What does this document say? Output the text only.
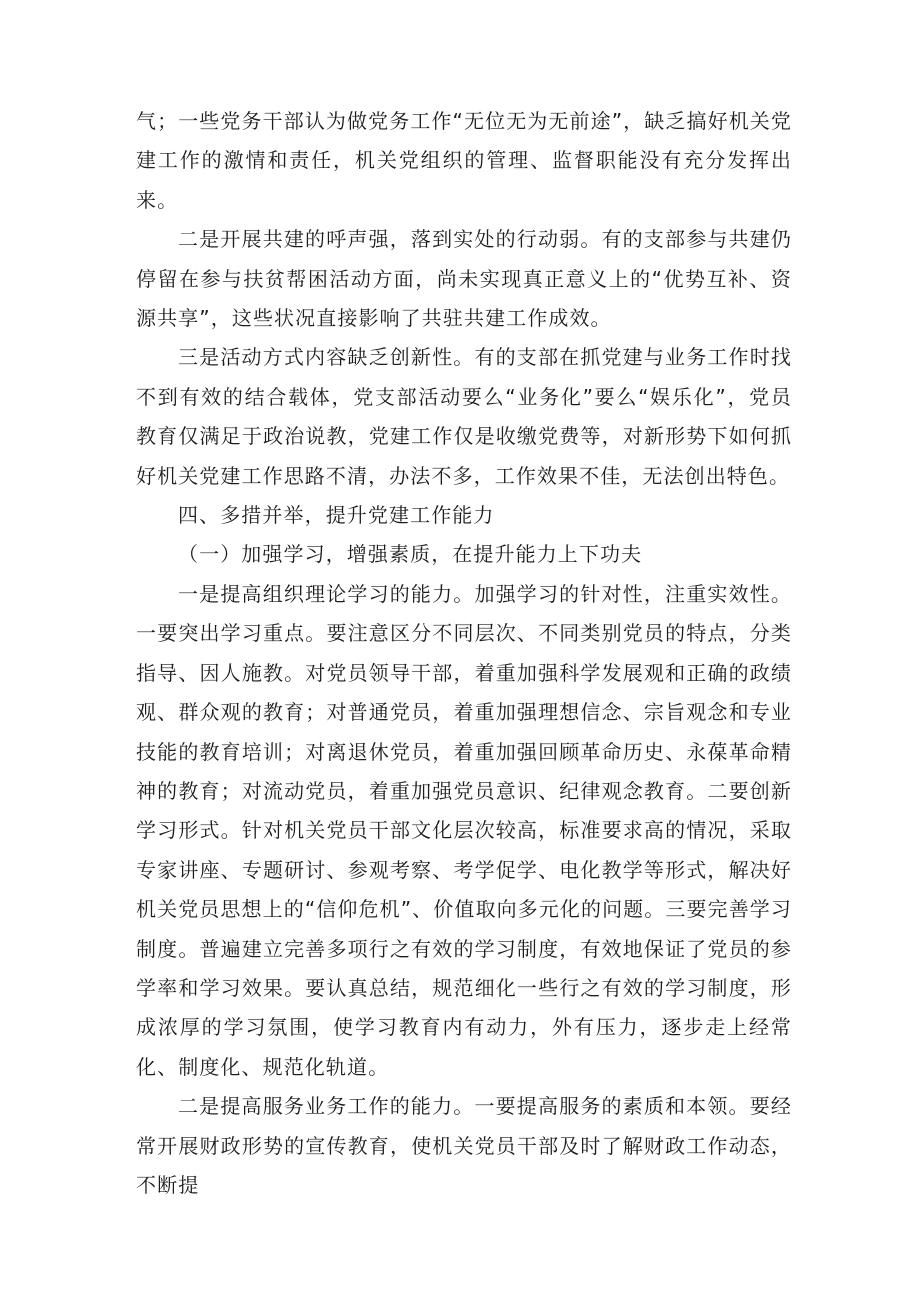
气；一些党务干部认为做党务工作“无位无为无前途”，缺乏搞好机关党建工作的激情和责任，机关党组织的管理、监督职能没有充分发挥出来。

二是开展共建的呼声强，落到实处的行动弱。有的支部参与共建仍停留在参与扶贫帮困活动方面，尚未实现真正意义上的“优势互补、资源共享”，这些状况直接影响了共驻共建工作成效。

三是活动方式内容缺乏创新性。有的支部在抓党建与业务工作时找不到有效的结合载体，党支部活动要么“业务化”要么“娱乐化”，党员教育仅满足于政治说教，党建工作仅是收缴党费等，对新形势下如何抓好机关党建工作思路不清，办法不多，工作效果不佳，无法创出特色。

四、多措并举，提升党建工作能力

（一）加强学习，增强素质，在提升能力上下功夫

一是提高组织理论学习的能力。加强学习的针对性，注重实效性。一要突出学习重点。要注意区分不同层次、不同类别党员的特点，分类指导、因人施教。对党员领导干部，着重加强科学发展观和正确的政绩观、群众观的教育；对普通党员，着重加强理想信念、宗旨观念和专业技能的教育培训；对离退休党员，着重加强回顾革命历史、永葆革命精神的教育；对流动党员，着重加强党员意识、纪律观念教育。二要创新学习形式。针对机关党员干部文化层次较高，标准要求高的情况，采取专家讲座、专题研讨、参观考察、考学促学、电化教学等形式，解决好机关党员思想上的“信仰危机”、价值取向多元化的问题。三要完善学习制度。普遍建立完善多项行之有效的学习制度，有效地保证了党员的参学率和学习效果。要认真总结，规范细化一些行之有效的学习制度，形成浓厚的学习氛围，使学习教育内有动力，外有压力，逐步走上经常化、制度化、规范化轨道。

二是提高服务业务工作的能力。一要提高服务的素质和本领。要经常开展财政形势的宣传教育，使机关党员干部及时了解财政工作动态，不断提
